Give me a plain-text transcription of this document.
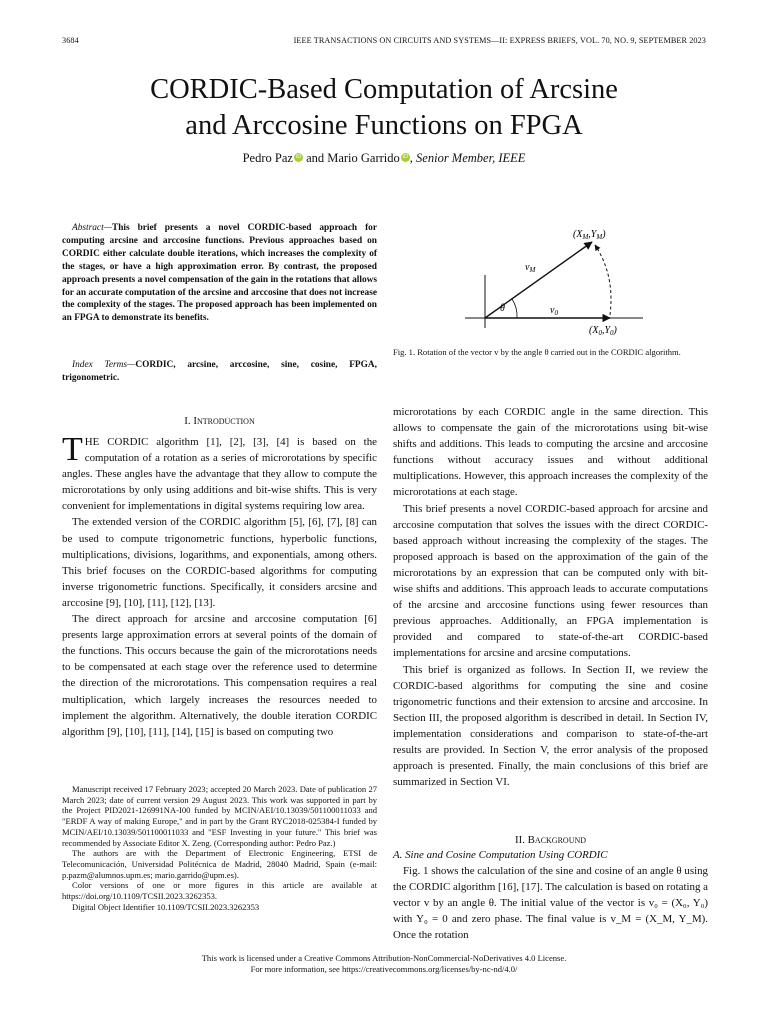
3684	IEEE TRANSACTIONS ON CIRCUITS AND SYSTEMS—II: EXPRESS BRIEFS, VOL. 70, NO. 9, SEPTEMBER 2023
CORDIC-Based Computation of Arcsine
and Arccosine Functions on FPGA
Pedro Paz iD and Mario Garrido iD , Senior Member, IEEE
Abstract—This brief presents a novel CORDIC-based approach for computing arcsine and arccosine functions. Previous approaches based on CORDIC either calculate double iterations, which increases the complexity of the stages, or have a high approximation error. By contrast, the proposed approach presents a novel compensation of the gain in the rotations that allows for an accurate computation of the arcsine and arccosine that does not increase the complexity of the stages. The proposed approach has been implemented on an FPGA to demonstrate its benefits.
Index Terms—CORDIC, arcsine, arccosine, sine, cosine, FPGA, trigonometric.
θ	$v_0$
$v_M$
$(X_M,Y_M)$
$(X_0,Y_0)$
Fig. 1. Rotation of the vector v by the angle θ carried out in the CORDIC algorithm.
I. Introduction
THE CORDIC algorithm [1], [2], [3], [4] is based on the computation of a rotation as a series of microrotations by specific angles. These angles have the advantage that they allow to compute the microrotations by only using additions and bit-wise shifts. This is very convenient for implementations in digital systems requiring low area.

The extended version of the CORDIC algorithm [5], [6], [7], [8] can be used to compute trigonometric functions, hyperbolic functions, multiplications, divisions, logarithms, and exponentials, among others. This brief focuses on the CORDIC-based algorithms for computing inverse trigonometric functions. Specifically, it considers arcsine and arccosine [9], [10], [11], [12], [13].

The direct approach for arcsine and arccosine computation [6] presents large approximation errors at several points of the domain of the functions. This occurs because the gain of the microrotations needs to be compensated at each stage over the reference used to determine the direction of the microrotations. This compensation requires a real multiplication, which largely increases the resources needed to implement the algorithm. Alternatively, the double iteration CORDIC algorithm [9], [10], [11], [14], [15] is based on computing two

Manuscript received 17 February 2023; accepted 20 March 2023. Date of publication 27 March 2023; date of current version 29 August 2023. This work was supported in part by the Project PID2021-126991NA-I00 funded by MCIN/AEI/10.13039/501100011033 and "ERDF A way of making Europe," and in part by the Grant RYC2018-025384-I funded by MCIN/AEI/10.13039/501100011033 and "ESF Investing in your future." This brief was recommended by Associate Editor X. Zeng. (Corresponding author: Pedro Paz.)

The authors are with the Department of Electronic Engineering, ETSI de Telecomunicación, Universidad Politécnica de Madrid, 28040 Madrid, Spain (e-mail: p.pazm@alumnos.upm.es; mario.garrido@upm.es).

Color versions of one or more figures in this article are available at https://doi.org/10.1109/TCSII.2023.3262353.

Digital Object Identifier 10.1109/TCSII.2023.3262353

microrotations by each CORDIC angle in the same direction. This allows to compensate the gain of the microrotations using bit-wise shifts and additions. This leads to computing the arcsine and arccosine functions without accuracy issues and without additional multiplications. However, this approach increases the complexity of the microrotations at each stage.

This brief presents a novel CORDIC-based approach for arcsine and arccosine computation that solves the issues with the direct CORDIC-based approach without increasing the complexity of the stages. The proposed approach is based on the approximation of the gain of the microrotations by an expression that can be computed only with bit-wise shifts and additions. This approach leads to accurate computations of the arcsine and arccosine functions using fewer resources than previous approaches. Additionally, an FPGA implementation is provided and compared to state-of-the-art CORDIC-based implementations for arcsine and arcsine computations.

This brief is organized as follows. In Section II, we review the CORDIC-based algorithms for computing the sine and cosine trigonometric functions and their extension to arcsine and arccosine. In Section III, the proposed algorithm is described in detail. In Section IV, implementation considerations and comparison to state-of-the-art results are provided. In Section V, the error analysis of the proposed approach is presented. Finally, the main conclusions of this brief are summarized in Section VI.

II. Background
A. Sine and Cosine Computation Using CORDIC

Fig. 1 shows the calculation of the sine and cosine of an angle θ using the CORDIC algorithm [16], [17]. The calculation is based on rotating a vector v by an angle θ. The initial value of the vector is v₀ = (X₀, Y₀) with Y₀ = 0 and zero phase. The final value is v_M = (X_M, Y_M). Once the rotation

This work is licensed under a Creative Commons Attribution-NonCommercial-NoDerivatives 4.0 License.
For more information, see https://creativecommons.org/licenses/by-nc-nd/4.0/
